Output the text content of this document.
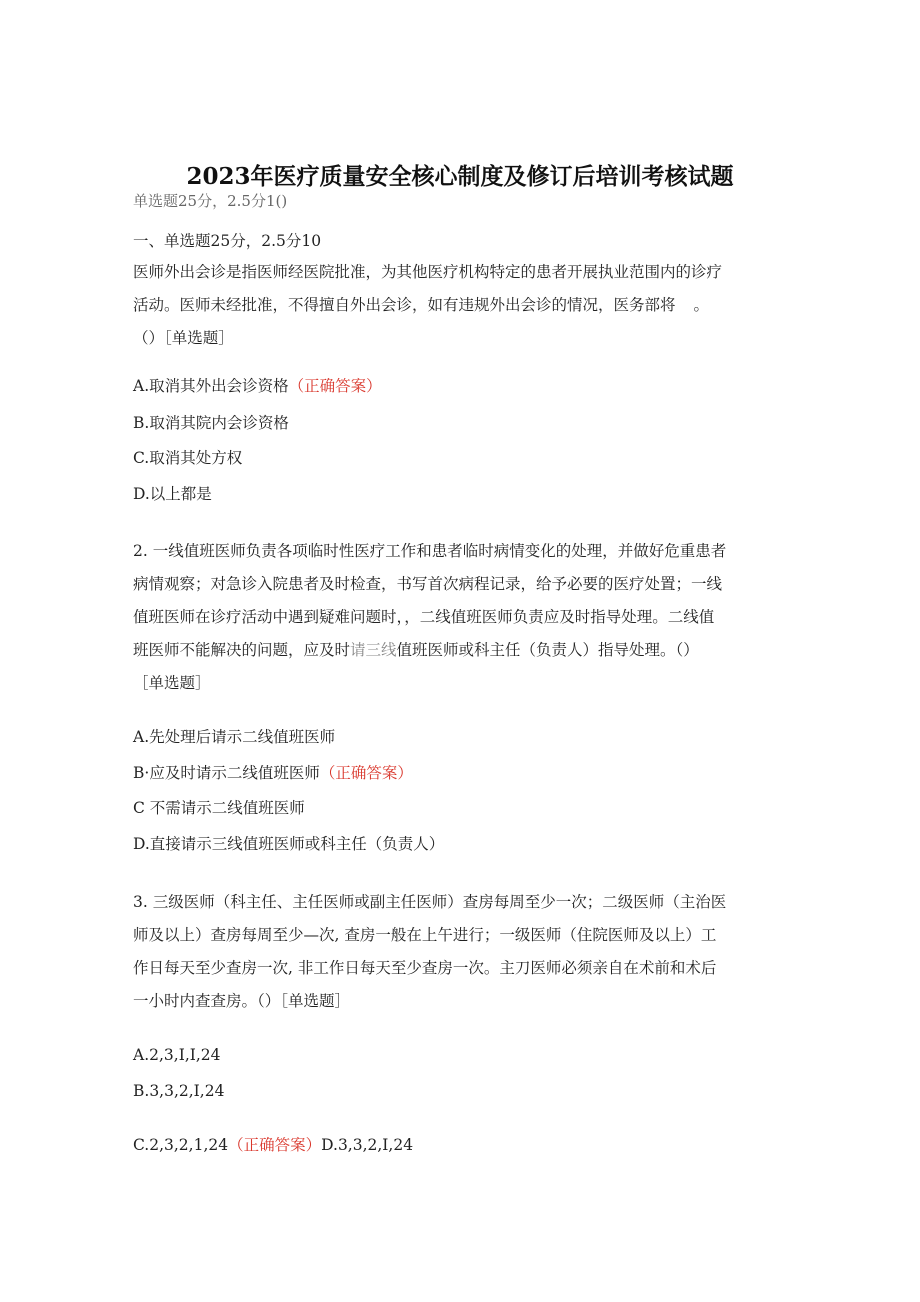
2023年医疗质量安全核心制度及修订后培训考核试题
单选题25分，2.5分1()
一、单选题25分，2.5分10
医师外出会诊是指医师经医院批准，为其他医疗机构特定的患者开展执业范围内的诊疗
活动。医师未经批准，不得擅自外出会诊，如有违规外出会诊的情况，医务部将 。
（）［单选题］
A.取消其外出会诊资格（正确答案）
B.取消其院内会诊资格
C.取消其处方权
D.以上都是
2. 一线值班医师负责各项临时性医疗工作和患者临时病情变化的处理，并做好危重患者
病情观察；对急诊入院患者及时检查，书写首次病程记录，给予必要的医疗处置；一线
值班医师在诊疗活动中遇到疑难问题时，，二线值班医师负责应及时指导处理。二线值
班医师不能解决的问题，应及时请三线值班医师或科主任（负责人）指导处理。（）
［单选题］
A.先处理后请示二线值班医师
B·应及时请示二线值班医师（正确答案）
C 不需请示二线值班医师
D.直接请示三线值班医师或科主任（负责人）
3. 三级医师（科主任、主任医师或副主任医师）查房每周至少一次；二级医师（主治医
师及以上）查房每周至少—次, 查房一般在上午进行；一级医师（住院医师及以上）工
作日每天至少查房一次, 非工作日每天至少查房一次。主刀医师必须亲自在术前和术后
一小时内查查房。（）［单选题］
A.2,3,I,I,24
B.3,3,2,I,24
C.2,3,2,1,24（正确答案）D.3,3,2,I,24
